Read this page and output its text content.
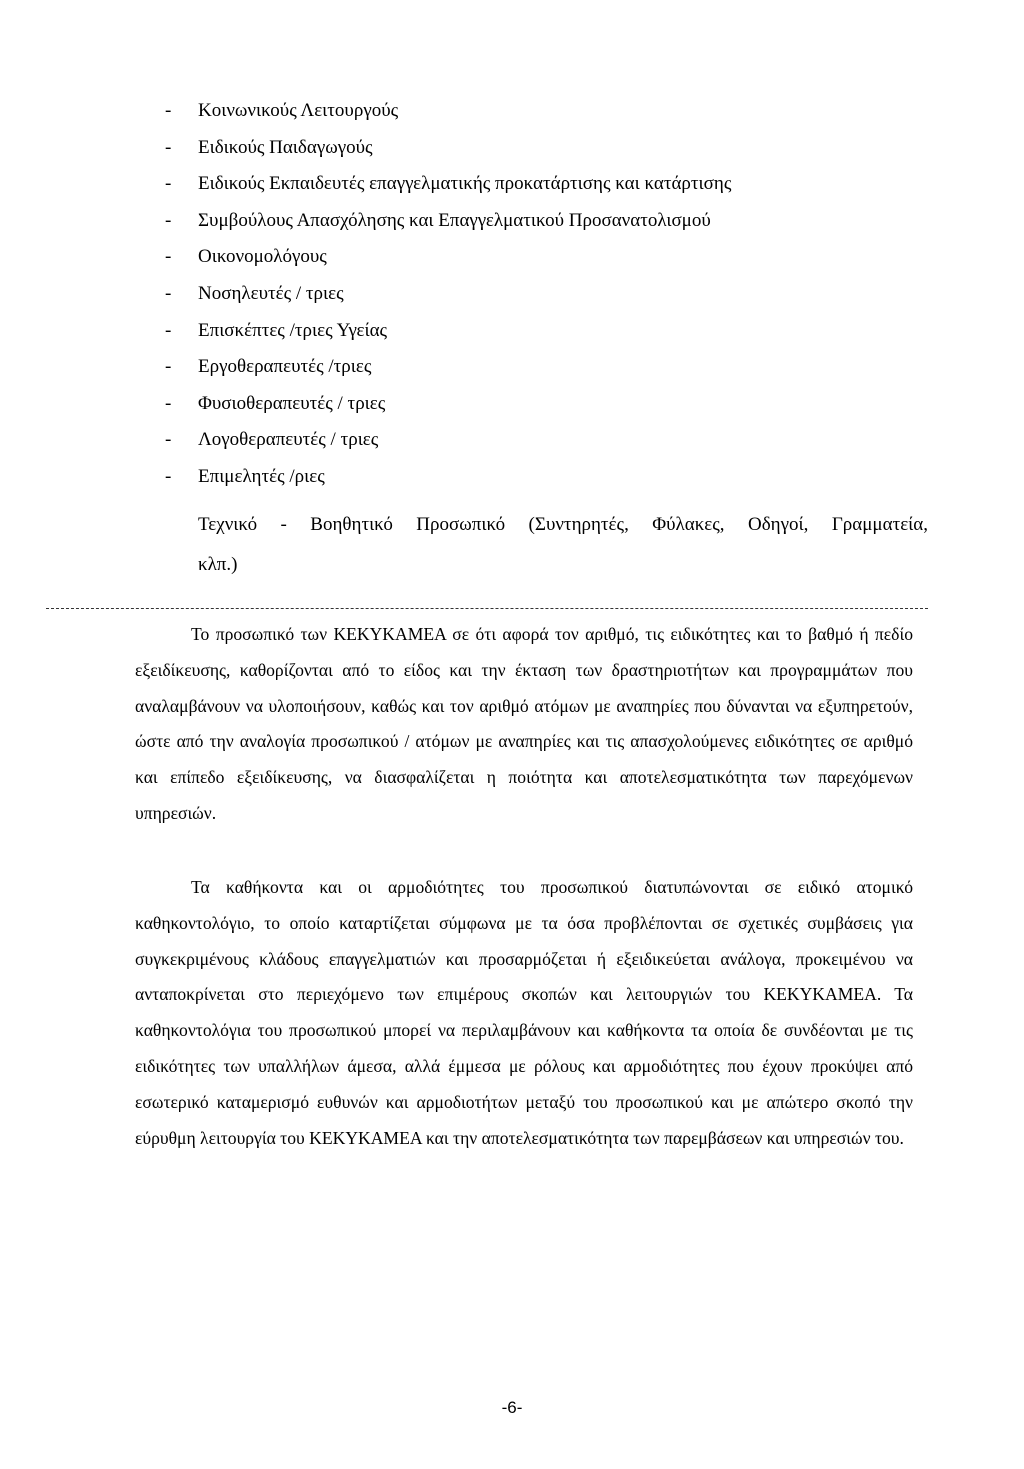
- Κοινωνικούς Λειτουργούς
- Ειδικούς Παιδαγωγούς
- Ειδικούς Εκπαιδευτές επαγγελματικής προκατάρτισης και κατάρτισης
- Συμβούλους Απασχόλησης και Επαγγελματικού Προσανατολισμού
- Οικονομολόγους
- Νοσηλευτές / τριες
- Επισκέπτες /τριες Υγείας
- Εργοθεραπευτές /τριες
- Φυσιοθεραπευτές / τριες
- Λογοθεραπευτές / τριες
- Επιμελητές /ριες
Τεχνικό - Βοηθητικό Προσωπικό (Συντηρητές, Φύλακες, Οδηγοί, Γραμματεία,
κλπ.)

Το προσωπικό των ΚΕΚΥΚΑΜΕΑ σε ότι αφορά τον αριθμό, τις ειδικότητες και το βαθμό ή πεδίο εξειδίκευσης, καθορίζονται από το είδος και την έκταση των δραστηριοτήτων και προγραμμάτων που αναλαμβάνουν να υλοποιήσουν, καθώς και τον αριθμό ατόμων με αναπηρίες που δύνανται να εξυπηρετούν, ώστε από την αναλογία προσωπικού / ατόμων με αναπηρίες και τις απασχολούμενες ειδικότητες σε αριθμό και επίπεδο εξειδίκευσης, να διασφαλίζεται η ποιότητα και αποτελεσματικότητα των παρεχόμενων υπηρεσιών.

Τα καθήκοντα και οι αρμοδιότητες του προσωπικού διατυπώνονται σε ειδικό ατομικό καθηκοντολόγιο, το οποίο καταρτίζεται σύμφωνα με τα όσα προβλέπονται σε σχετικές συμβάσεις για συγκεκριμένους κλάδους επαγγελματιών και προσαρμόζεται ή εξειδικεύεται ανάλογα, προκειμένου να ανταποκρίνεται στο περιεχόμενο των επιμέρους σκοπών και λειτουργιών του ΚΕΚΥΚΑΜΕΑ. Τα καθηκοντολόγια του προσωπικού μπορεί να περιλαμβάνουν και καθήκοντα τα οποία δε συνδέονται με τις ειδικότητες των υπαλλήλων άμεσα, αλλά έμμεσα με ρόλους και αρμοδιότητες που έχουν προκύψει από εσωτερικό καταμερισμό ευθυνών και αρμοδιοτήτων μεταξύ του προσωπικού και με απώτερο σκοπό την εύρυθμη λειτουργία του ΚΕΚΥΚΑΜΕΑ και την αποτελεσματικότητα των παρεμβάσεων και υπηρεσιών του.

-6-
